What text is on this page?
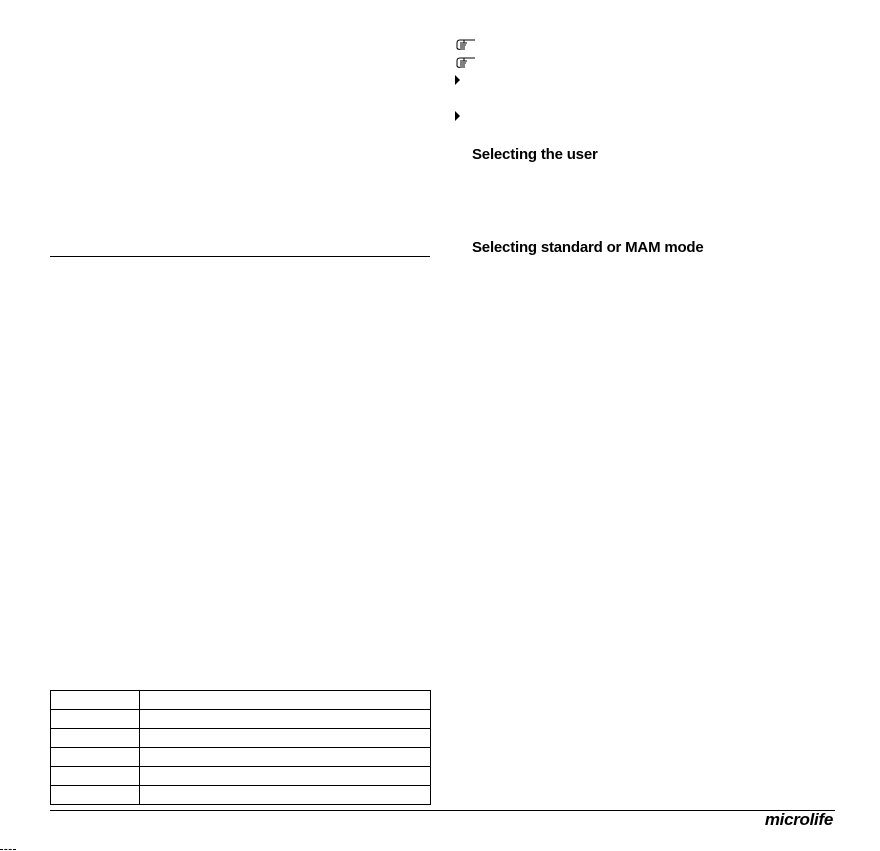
Selecting the user
Selecting standard or MAM mode

microlife
